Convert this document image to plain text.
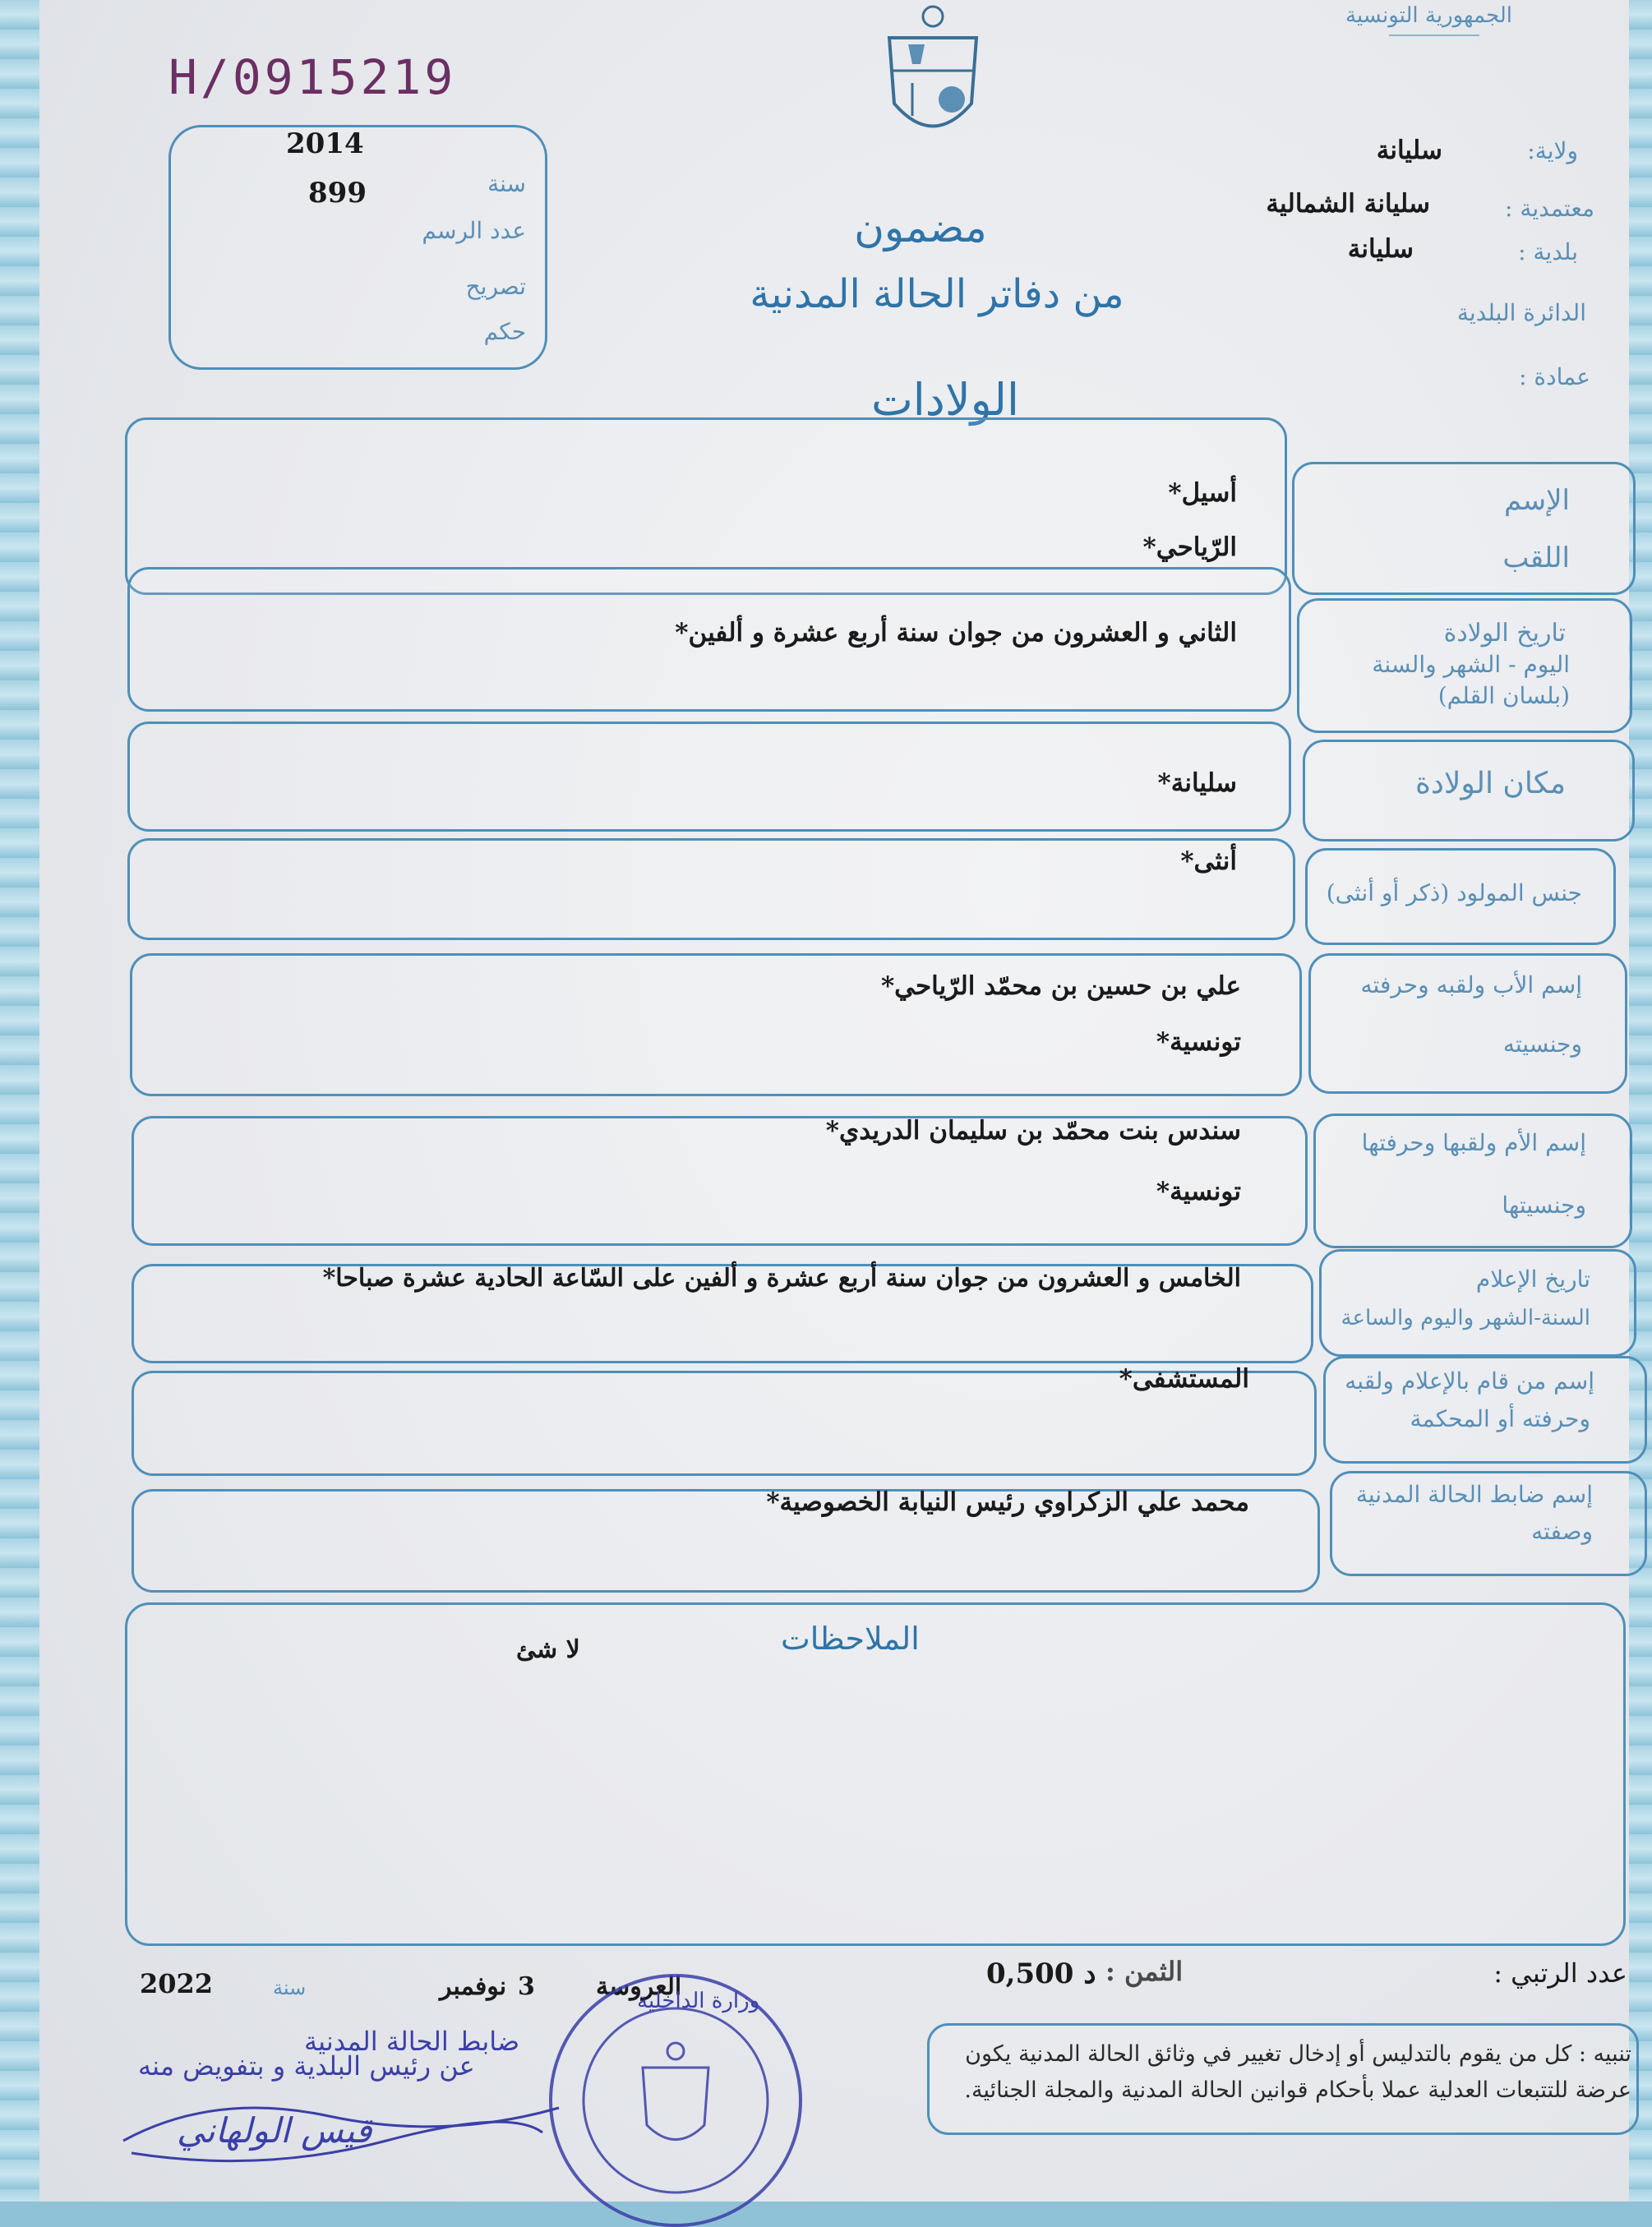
الجمهورية التونسية
H/0915219
2014
899	سنة
عدد الرسم
تصريح
حكم
ولاية:
سليانة
معتمدية :
سليانة الشمالية
بلدية :
سليانة
الدائرة البلدية
عمادة :
مضمون
من دفاتر الحالة المدنية
الولادات
الإسم
اللقب
أسيل*
الرّياحي*
تاريخ الولادة
اليوم - الشهر والسنة
(بلسان القلم)
الثاني و العشرون من جوان سنة أربع عشرة و ألفين*
مكان الولادة
سليانة*
جنس المولود (ذكر أو أنثى)
أنثى*
إسم الأب ولقبه وحرفته
وجنسيته
علي بن حسين بن محمّد الرّياحي*
تونسية*
إسم الأم ولقبها وحرفتها
وجنسيتها
سندس بنت محمّد بن سليمان الدريدي*
تونسية*
تاريخ الإعلام
السنة-الشهر واليوم والساعة
الخامس و العشرون من جوان سنة أربع عشرة و ألفين على السّاعة الحادية عشرة صباحا*
إسم من قام بالإعلام ولقبه
وحرفته أو المحكمة
المستشفى*
إسم ضابط الحالة المدنية
وصفته
محمد علي الزكراوي رئيس النيابة الخصوصية*
الملاحظات
لا شئ
عدد الرتبي :
الثمن :
0,500 د
العروسة
3
نوفمبر
سنة
2022
تنبيه : كل من يقوم بالتدليس أو إدخال تغيير في وثائق الحالة المدنية يكون عرضة للتتبعات العدلية عملا بأحكام قوانين الحالة المدنية والمجلة الجنائية.
ضابط الحالة المدنية
عن رئيس البلدية و بتفويض منه
قيس الولهاني
وزارة الداخلية
